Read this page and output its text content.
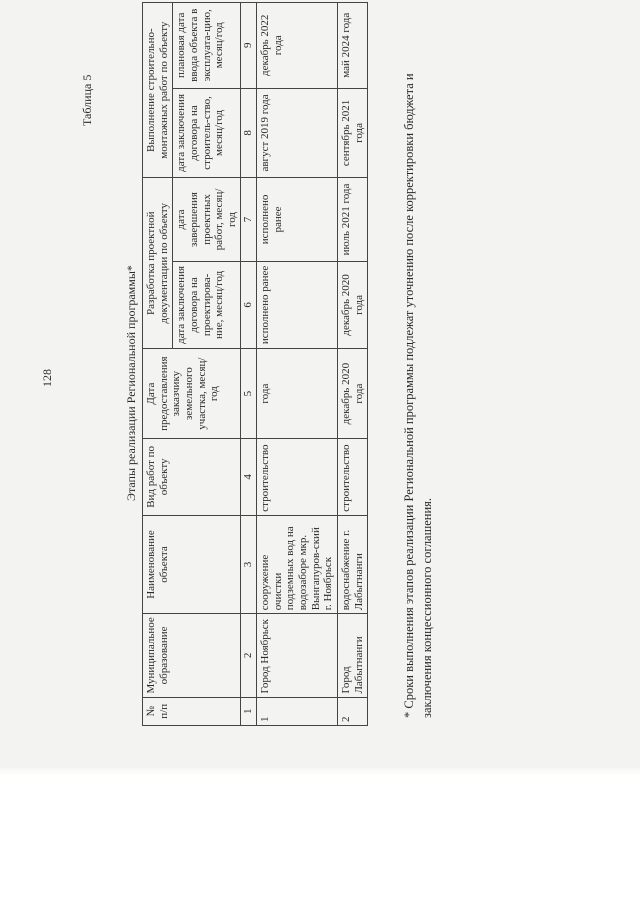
128
Таблица 5
Этапы реализации Региональной программы*
№ п/п	Муниципальное образование	Наименование объекта	Вид работ по объекту	Дата предоставления заказчику земельного участка, месяц/год	Разработка проектной документации по объекту		Выполнение строительно-монтажных работ по объекту	
					дата заключения договора на проектирова-ние, месяц/год	дата завершения проектных работ, месяц/год	дата заключения договора на строитель-ство, месяц/год	плановая дата ввода объекта в эксплуата-цию, месяц/год
1	2	3	4	5	6	7	8	9
1	Город Ноябрьск	сооружение очистки подземных вод на водозаборе мкр. Вынгапуров-ский г. Ноябрьск	строительство	года	исполнено ранее	исполнено ранее	август 2019 года	декабрь 2022 года
2	Город Лабытнанги	водоснабжение г. Лабытнанги	строительство	декабрь 2020 года	декабрь 2020 года	июль 2021 года	сентябрь 2021 года	май 2024 года
* Сроки выполнения этапов реализации Региональной программы подлежат уточнению после корректировки бюджета и заключения концессионного соглашения.
